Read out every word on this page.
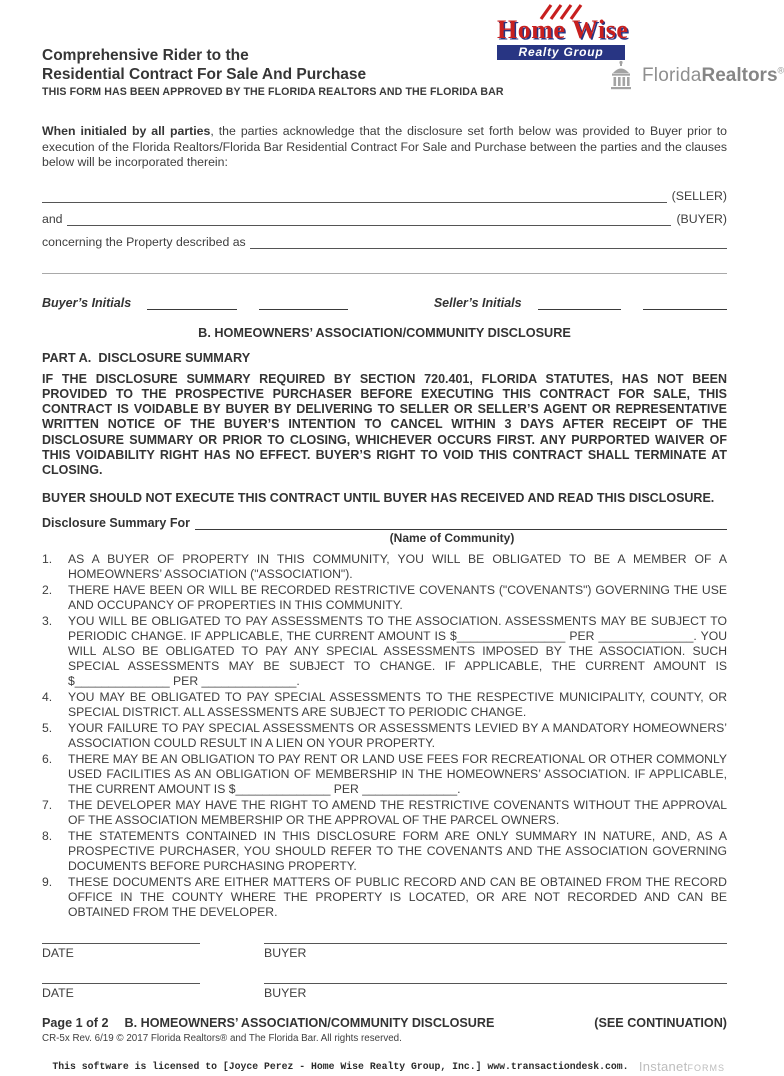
Comprehensive Rider to the
Residential Contract For Sale And Purchase
THIS FORM HAS BEEN APPROVED BY THE FLORIDA REALTORS AND THE FLORIDA BAR
Home Wise
Realty Group
FloridaRealtors®

When initialed by all parties, the parties acknowledge that the disclosure set forth below was provided to Buyer prior to execution of the Florida Realtors/Florida Bar Residential Contract For Sale and Purchase between the parties and the clauses below will be incorporated therein:

(SELLER)
and	(BUYER)
concerning the Property described as
Buyer’s Initials	Seller’s Initials
B. HOMEOWNERS’ ASSOCIATION/COMMUNITY DISCLOSURE
PART A.  DISCLOSURE SUMMARY

IF THE DISCLOSURE SUMMARY REQUIRED BY SECTION 720.401, FLORIDA STATUTES, HAS NOT BEEN PROVIDED TO THE PROSPECTIVE PURCHASER BEFORE EXECUTING THIS CONTRACT FOR SALE, THIS CONTRACT IS VOIDABLE BY BUYER BY DELIVERING TO SELLER OR SELLER’S AGENT OR REPRESENTATIVE WRITTEN NOTICE OF THE BUYER’S INTENTION TO CANCEL WITHIN 3 DAYS AFTER RECEIPT OF THE DISCLOSURE SUMMARY OR PRIOR TO CLOSING, WHICHEVER OCCURS FIRST. ANY PURPORTED WAIVER OF THIS VOIDABILITY RIGHT HAS NO EFFECT. BUYER’S RIGHT TO VOID THIS CONTRACT SHALL TERMINATE AT CLOSING.

BUYER SHOULD NOT EXECUTE THIS CONTRACT UNTIL BUYER HAS RECEIVED AND READ THIS DISCLOSURE.

Disclosure Summary For
(Name of Community)
1.	AS A BUYER OF PROPERTY IN THIS COMMUNITY, YOU WILL BE OBLIGATED TO BE A MEMBER OF A HOMEOWNERS’ ASSOCIATION ("ASSOCIATION").
2.	THERE HAVE BEEN OR WILL BE RECORDED RESTRICTIVE COVENANTS ("COVENANTS") GOVERNING THE USE AND OCCUPANCY OF PROPERTIES IN THIS COMMUNITY.
3.	YOU WILL BE OBLIGATED TO PAY ASSESSMENTS TO THE ASSOCIATION. ASSESSMENTS MAY BE SUBJECT TO PERIODIC CHANGE. IF APPLICABLE, THE CURRENT AMOUNT IS $________________ PER ______________. YOU WILL ALSO BE OBLIGATED TO PAY ANY SPECIAL ASSESSMENTS IMPOSED BY THE ASSOCIATION. SUCH SPECIAL ASSESSMENTS MAY BE SUBJECT TO CHANGE. IF APPLICABLE, THE CURRENT AMOUNT IS $______________ PER ______________.
4.	YOU MAY BE OBLIGATED TO PAY SPECIAL ASSESSMENTS TO THE RESPECTIVE MUNICIPALITY, COUNTY, OR SPECIAL DISTRICT. ALL ASSESSMENTS ARE SUBJECT TO PERIODIC CHANGE.
5.	YOUR FAILURE TO PAY SPECIAL ASSESSMENTS OR ASSESSMENTS LEVIED BY A MANDATORY HOMEOWNERS’ ASSOCIATION COULD RESULT IN A LIEN ON YOUR PROPERTY.
6.	THERE MAY BE AN OBLIGATION TO PAY RENT OR LAND USE FEES FOR RECREATIONAL OR OTHER COMMONLY USED FACILITIES AS AN OBLIGATION OF MEMBERSHIP IN THE HOMEOWNERS’ ASSOCIATION. IF APPLICABLE, THE CURRENT AMOUNT IS $______________ PER ______________.
7.	THE DEVELOPER MAY HAVE THE RIGHT TO AMEND THE RESTRICTIVE COVENANTS WITHOUT THE APPROVAL OF THE ASSOCIATION MEMBERSHIP OR THE APPROVAL OF THE PARCEL OWNERS.
8.	THE STATEMENTS CONTAINED IN THIS DISCLOSURE FORM ARE ONLY SUMMARY IN NATURE, AND, AS A PROSPECTIVE PURCHASER, YOU SHOULD REFER TO THE COVENANTS AND THE ASSOCIATION GOVERNING DOCUMENTS BEFORE PURCHASING PROPERTY.
9.	THESE DOCUMENTS ARE EITHER MATTERS OF PUBLIC RECORD AND CAN BE OBTAINED FROM THE RECORD OFFICE IN THE COUNTY WHERE THE PROPERTY IS LOCATED, OR ARE NOT RECORDED AND CAN BE OBTAINED FROM THE DEVELOPER.
DATE	BUYER
DATE	BUYER
Page 1 of 2 B. HOMEOWNERS’ ASSOCIATION/COMMUNITY DISCLOSURE	(SEE CONTINUATION)
CR-5x Rev. 6/19 © 2017 Florida Realtors® and The Florida Bar. All rights reserved.
This software is licensed to [Joyce Perez - Home Wise Realty Group, Inc.] www.transactiondesk.com. InstanetFORMS
